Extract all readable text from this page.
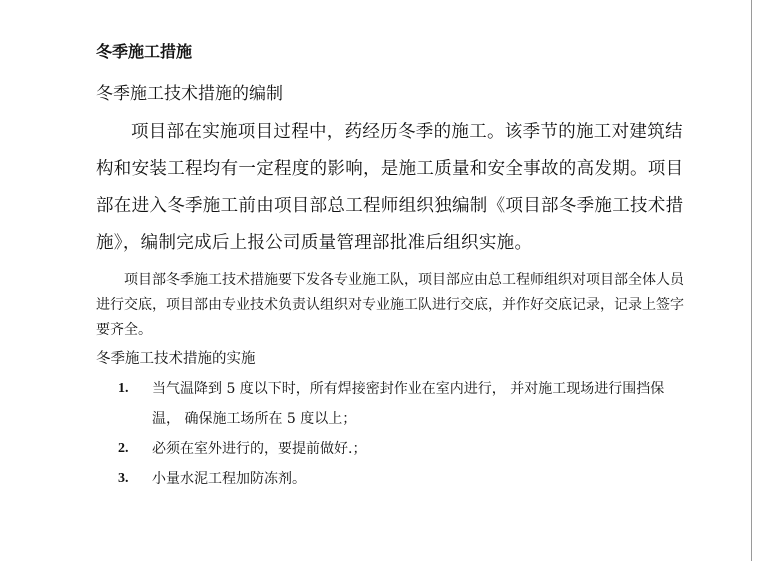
冬季施工措施
冬季施工技术措施的编制

项目部在实施项目过程中，药经历冬季的施工。该季节的施工对建筑结构和安装工程均有一定程度的影响，是施工质量和安全事故的高发期。项目部在进入冬季施工前由项目部总工程师组织独编制《项目部冬季施工技术措施》，编制完成后上报公司质量管理部批准后组织实施。

项目部冬季施工技术措施要下发各专业施工队，项目部应由总工程师组织对项目部全体人员进行交底，项目部由专业技术负责认组织对专业施工队进行交底，并作好交底记录，记录上签字要齐全。

冬季施工技术措施的实施
1. 当气温降到 5 度以下时，所有焊接密封作业在室内进行， 并对施工现场进行围挡保温， 确保施工场所在 5 度以上；
2. 必须在室外进行的，要提前做好.；
3. 小量水泥工程加防冻剂。
